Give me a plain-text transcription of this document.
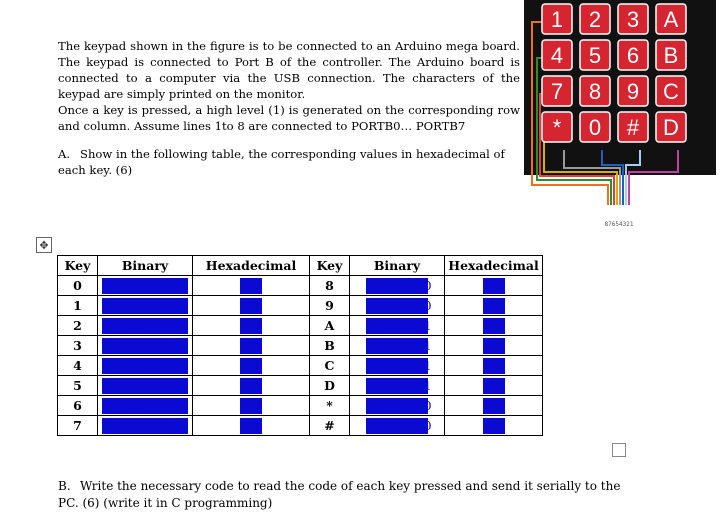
The keypad shown in the figure is to be connected to an Arduino mega board. The keypad is connected to Port B of the controller. The Arduino board is connected to a computer via the USB connection. The characters of the keypad are simply printed on the monitor.

Once a key is pressed, a high level (1) is generated on the corresponding row and column. Assume lines 1to 8 are connected to PORTB0… PORTB7

A. Show in the following table, the corresponding values in hexadecimal of each key. (6)
✥
Key	Binary	Hexadecimal	Key	Binary	Hexadecimal
0	00010100	14	8	00100100	24

1	10001000	88	9	00100010	22

2	10000100	84	A	10000001	81

3	10000010	82	B	01000001	41

4	01001000	48	C	00100001	21

5	01000100	44	D	00010001	11

6	01000010	42	*	00011000	18

7	00101000	28	#	00010010	12
B. Write the necessary code to read the code of each key pressed and send it serially to the PC. (6) (write it in C programming)
1 2 3 A
4 5 6 B
7 8 9 C
* 0 # D
87654321
